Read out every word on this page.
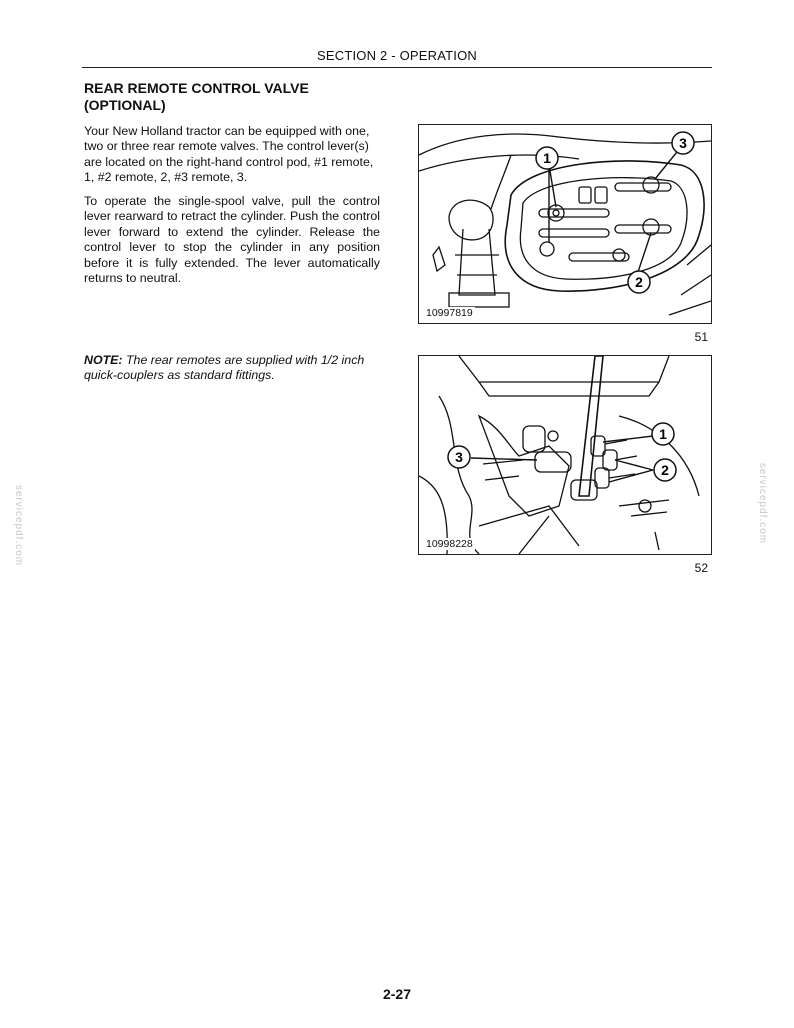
SECTION 2 - OPERATION
REAR REMOTE CONTROL VALVE
(OPTIONAL)

Your New Holland tractor can be equipped with one, two or three rear remote valves. The control lever(s) are located on the right-hand control pod, #1 remote, 1, #2 remote, 2, #3 remote, 3.

To operate the single-spool valve, pull the control lever rearward to retract the cylinder. Push the control lever forward to extend the cylinder. Release the control lever to stop the cylinder in any position before it is fully extended. The lever automatically returns to neutral.

NOTE: The rear remotes are supplied with 1/2 inch quick-couplers as standard fittings.

1
3
2
10997819
51
1
2
3
10998228
52
servicepdf.com	servicepdf.com
2-27
